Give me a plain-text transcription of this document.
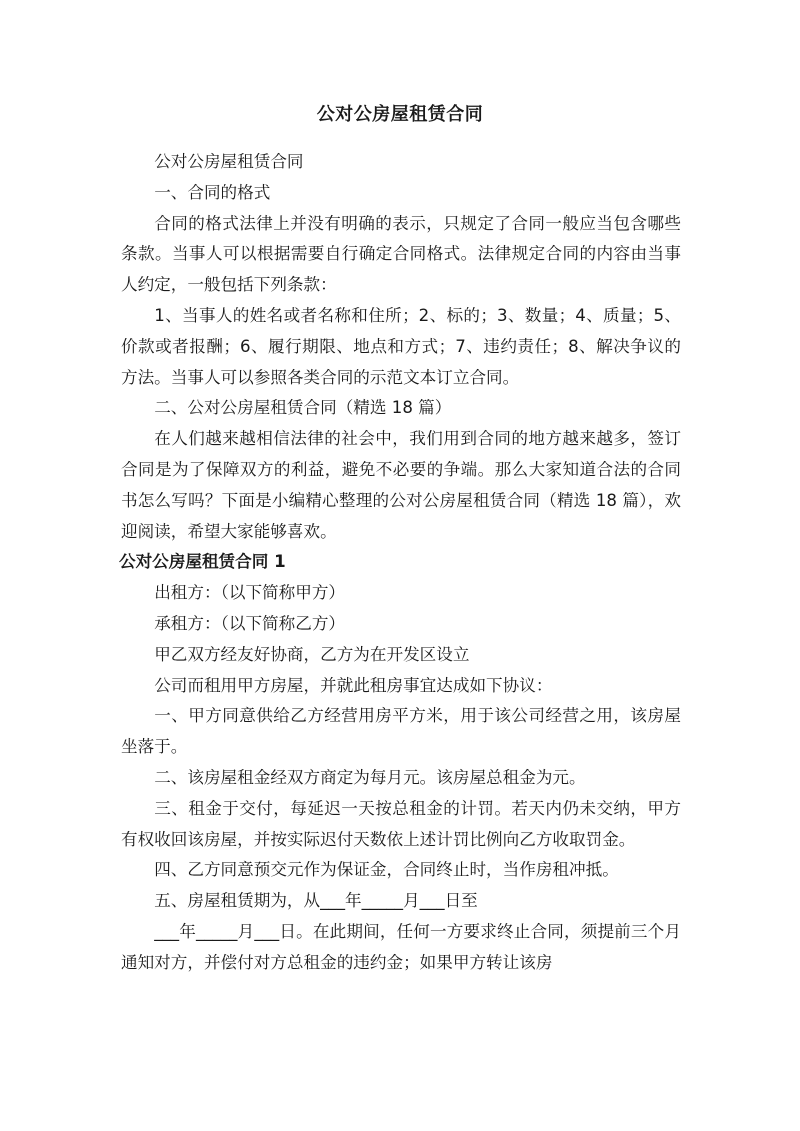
公对公房屋租赁合同

公对公房屋租赁合同

一、合同的格式

合同的格式法律上并没有明确的表示，只规定了合同一般应当包含哪些条款。当事人可以根据需要自行确定合同格式。法律规定合同的内容由当事人约定，一般包括下列条款：

1、当事人的姓名或者名称和住所；2、标的；3、数量；4、质量；5、价款或者报酬；6、履行期限、地点和方式；7、违约责任；8、解决争议的方法。当事人可以参照各类合同的示范文本订立合同。

二、公对公房屋租赁合同（精选 18 篇）

在人们越来越相信法律的社会中，我们用到合同的地方越来越多，签订合同是为了保障双方的利益，避免不必要的争端。那么大家知道合法的合同书怎么写吗？下面是小编精心整理的公对公房屋租赁合同（精选 18 篇），欢迎阅读，希望大家能够喜欢。

公对公房屋租赁合同 1

出租方：（以下简称甲方）

承租方：（以下简称乙方）

甲乙双方经友好协商，乙方为在开发区设立

公司而租用甲方房屋，并就此租房事宜达成如下协议：

一、甲方同意供给乙方经营用房平方米，用于该公司经营之用，该房屋坐落于。

二、该房屋租金经双方商定为每月元。该房屋总租金为元。

三、租金于交付，每延迟一天按总租金的计罚。若天内仍未交纳，甲方有权收回该房屋，并按实际迟付天数依上述计罚比例向乙方收取罚金。

四、乙方同意预交元作为保证金，合同终止时，当作房租冲抵。

五、房屋租赁期为，从___年_____月___日至

___年_____月___日。在此期间，任何一方要求终止合同，须提前三个月通知对方，并偿付对方总租金的违约金；如果甲方转让该房
